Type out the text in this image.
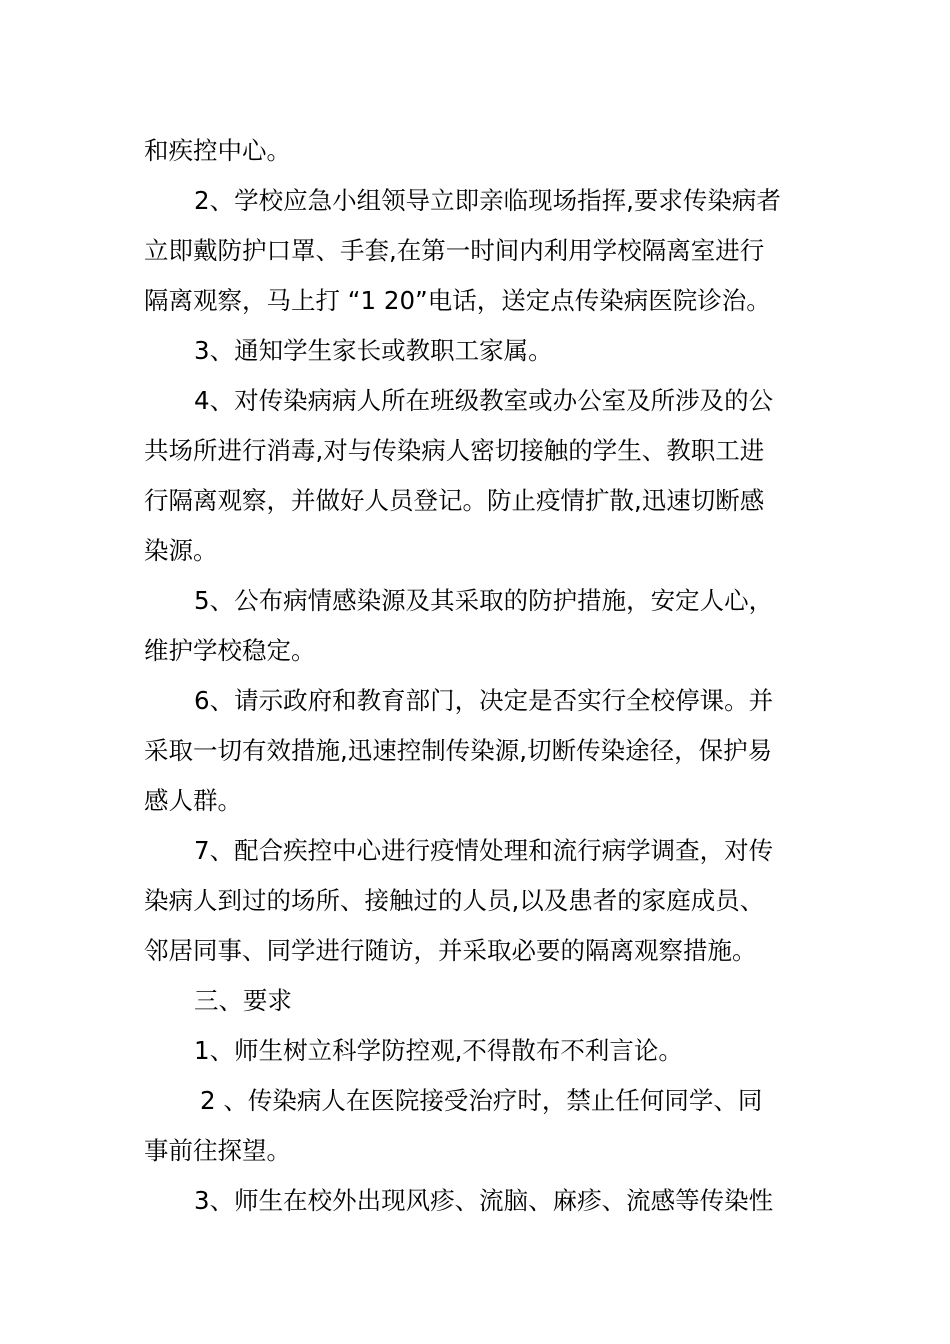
和疾控中心。
2、学校应急小组领导立即亲临现场指挥,要求传染病者
立即戴防护口罩、手套,在第一时间内利用学校隔离室进行
隔离观察，马上打 “1 20”电话，送定点传染病医院诊治。
3、通知学生家长或教职工家属。
4、对传染病病人所在班级教室或办公室及所涉及的公
共场所进行消毒,对与传染病人密切接触的学生、教职工进
行隔离观察，并做好人员登记。防止疫情扩散,迅速切断感
染源。
5、公布病情感染源及其采取的防护措施，安定人心，
维护学校稳定。
6、请示政府和教育部门，决定是否实行全校停课。并
采取一切有效措施,迅速控制传染源,切断传染途径，保护易
感人群。
7、配合疾控中心进行疫情处理和流行病学调查，对传
染病人到过的场所、接触过的人员,以及患者的家庭成员、
邻居同事、同学进行随访，并采取必要的隔离观察措施。
三、要求
1、师生树立科学防控观,不得散布不利言论。
2 、传染病人在医院接受治疗时，禁止任何同学、同
事前往探望。
3、师生在校外出现风疹、流脑、麻疹、流感等传染性
